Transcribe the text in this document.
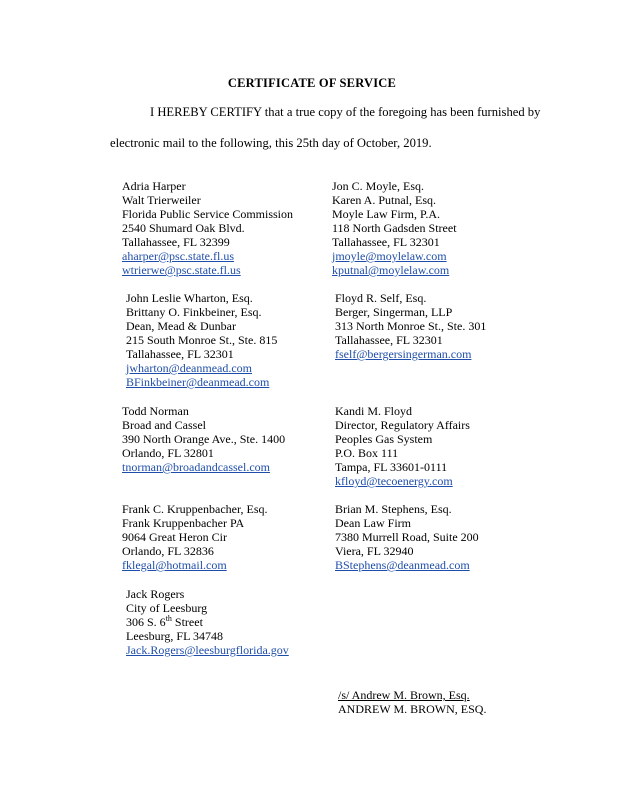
CERTIFICATE OF SERVICE
I HEREBY CERTIFY that a true copy of the foregoing has been furnished by
electronic mail to the following, this 25th day of October, 2019.
Adria Harper
Walt Trierweiler
Florida Public Service Commission
2540 Shumard Oak Blvd.
Tallahassee, FL 32399
aharper@psc.state.fl.us
wtrierwe@psc.state.fl.us
Jon C. Moyle, Esq.
Karen A. Putnal, Esq.
Moyle Law Firm, P.A.
118 North Gadsden Street
Tallahassee, FL 32301
jmoyle@moylelaw.com
kputnal@moylelaw.com
John Leslie Wharton, Esq.
Brittany O. Finkbeiner, Esq.
Dean, Mead & Dunbar
215 South Monroe St., Ste. 815
Tallahassee, FL 32301
jwharton@deanmead.com
BFinkbeiner@deanmead.com
Floyd R. Self, Esq.
Berger, Singerman, LLP
313 North Monroe St., Ste. 301
Tallahassee, FL 32301
fself@bergersingerman.com
Todd Norman
Broad and Cassel
390 North Orange Ave., Ste. 1400
Orlando, FL 32801
tnorman@broadandcassel.com
Kandi M. Floyd
Director, Regulatory Affairs
Peoples Gas System
P.O. Box 111
Tampa, FL 33601-0111
kfloyd@tecoenergy.com
Frank C. Kruppenbacher, Esq.
Frank Kruppenbacher PA
9064 Great Heron Cir
Orlando, FL 32836
fklegal@hotmail.com
Brian M. Stephens, Esq.
Dean Law Firm
7380 Murrell Road, Suite 200
Viera, FL 32940
BStephens@deanmead.com
Jack Rogers
City of Leesburg
306 S. 6th Street
Leesburg, FL 34748
Jack.Rogers@leesburgflorida.gov
/s/ Andrew M. Brown, Esq.
ANDREW M. BROWN, ESQ.
